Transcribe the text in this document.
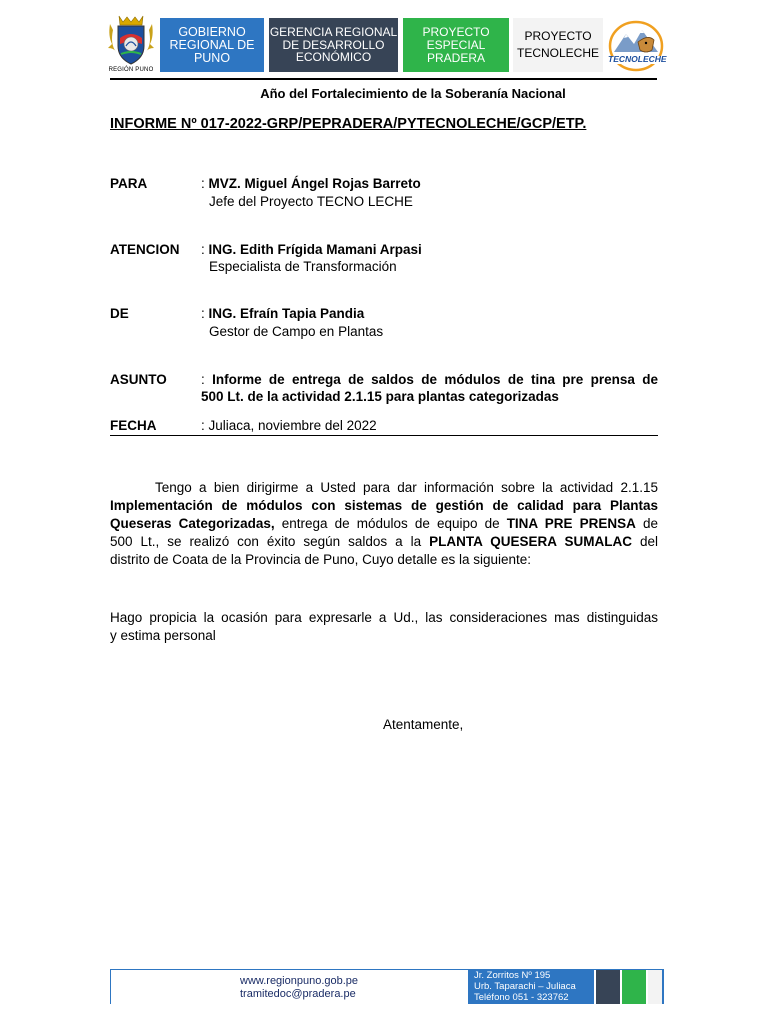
REGIÓN PUNO
GOBIERNO REGIONAL DE PUNO
GERENCIA REGIONAL DE DESARROLLO ECONÓMICO
PROYECTO ESPECIAL PRADERA
PROYECTO TECNOLECHE	TECNOLECHE
Año del Fortalecimiento de la Soberanía Nacional
INFORME Nº 017-2022-GRP/PEPRADERA/PYTECNOLECHE/GCP/ETP.
PARA	: MVZ. Miguel Ángel Rojas Barreto
Jefe del Proyecto TECNO LECHE
ATENCION : ING. Edith Frígida Mamani Arpasi
Especialista de Transformación
DE	: ING. Efraín Tapia Pandia
Gestor de Campo en Plantas
ASUNTO	: Informe de entrega de saldos de módulos de tina pre prensa de
500 Lt. de la actividad 2.1.15 para plantas categorizadas
FECHA	: Juliaca, noviembre del 2022
Tengo a bien dirigirme a Usted para dar información sobre la actividad 2.1.15
Implementación de módulos con sistemas de gestión de calidad para Plantas
Queseras Categorizadas, entrega de módulos de equipo de TINA PRE PRENSA de
500 Lt., se realizó con éxito según saldos a la PLANTA QUESERA SUMALAC del
distrito de Coata de la Provincia de Puno, Cuyo detalle es la siguiente:
Hago propicia la ocasión para expresarle a Ud., las consideraciones mas distinguidas
y estima personal
Atentamente,
www.regionpuno.gob.pe
tramitedoc@pradera.pe
Jr. Zorritos Nº 195
Urb. Taparachi – Juliaca
Teléfono 051 - 323762
